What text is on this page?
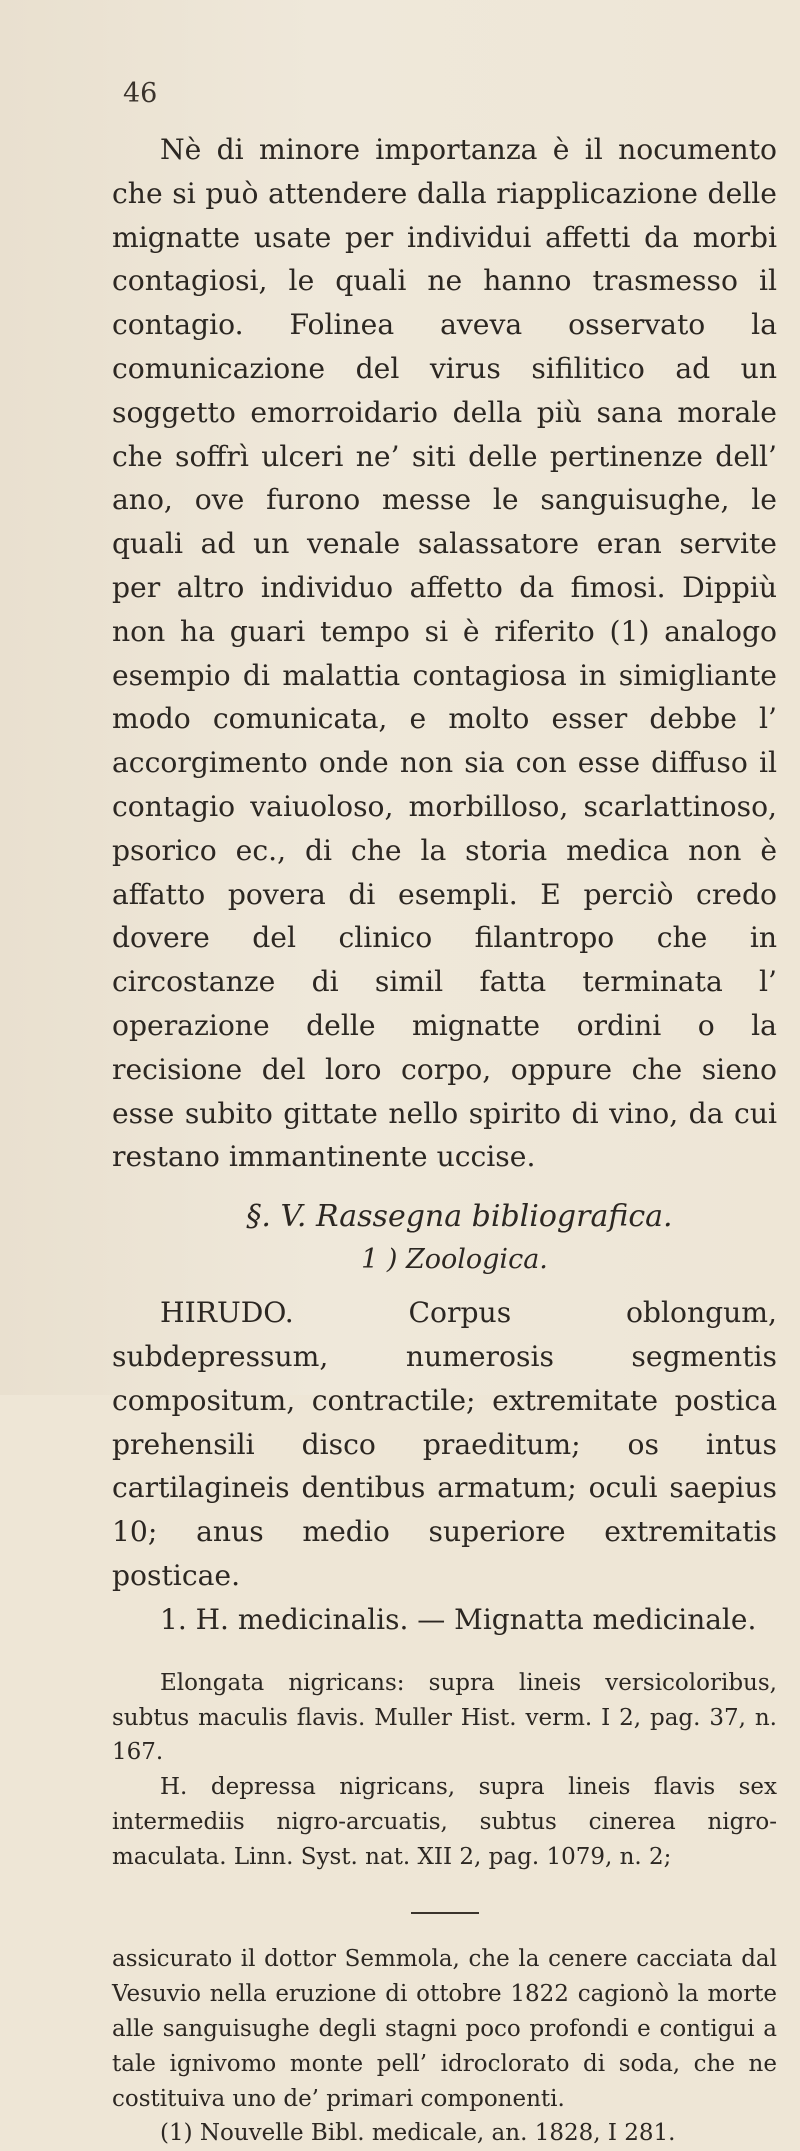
46

Nè di minore importanza è il nocumento che si può attendere dalla riapplicazione delle mignatte usate per individui affetti da morbi contagiosi, le quali ne hanno trasmesso il contagio. Folinea aveva osservato la comunicazione del virus sifilitico ad un soggetto emorroidario della più sana morale che soffrì ulceri ne’ siti delle pertinenze dell’ ano, ove furono messe le sanguisughe, le quali ad un venale salassatore eran servite per altro individuo affetto da fimosi. Dippiù non ha guari tempo si è riferito (1) analogo esempio di malattia contagiosa in simigliante modo comunicata, e molto esser debbe l’ accorgimento onde non sia con esse diffuso il contagio vaiuoloso, morbilloso, scarlattinoso, psorico ec., di che la storia medica non è affatto povera di esempli. E perciò credo dovere del clinico filantropo che in circostanze di simil fatta terminata l’ operazione delle mignatte ordini o la recisione del loro corpo, oppure che sieno esse subito gittate nello spirito di vino, da cui restano immantinente uccise.

§. V. Rassegna bibliografica.

1 ) Zoologica.

HIRUDO. Corpus oblongum, subdepressum, numerosis segmentis compositum, contractile; extremitate postica prehensili disco praeditum; os intus cartilagineis dentibus armatum; oculi saepius 10; anus medio superiore extremitatis posticae.

1. H. medicinalis. — Mignatta medicinale.

Elongata nigricans: supra lineis versicoloribus, subtus maculis flavis. Muller Hist. verm. I 2, pag. 37, n. 167.

H. depressa nigricans, supra lineis flavis sex intermediis nigro-arcuatis, subtus cinerea nigro-maculata. Linn. Syst. nat. XII 2, pag. 1079, n. 2;

assicurato il dottor Semmola, che la cenere cacciata dal Vesuvio nella eruzione di ottobre 1822 cagionò la morte alle sanguisughe degli stagni poco profondi e contigui a tale ignivomo monte pell’ idroclorato di soda, che ne costituiva uno de’ primari componenti.

(1) Nouvelle Bibl. medicale, an. 1828, I 281.
